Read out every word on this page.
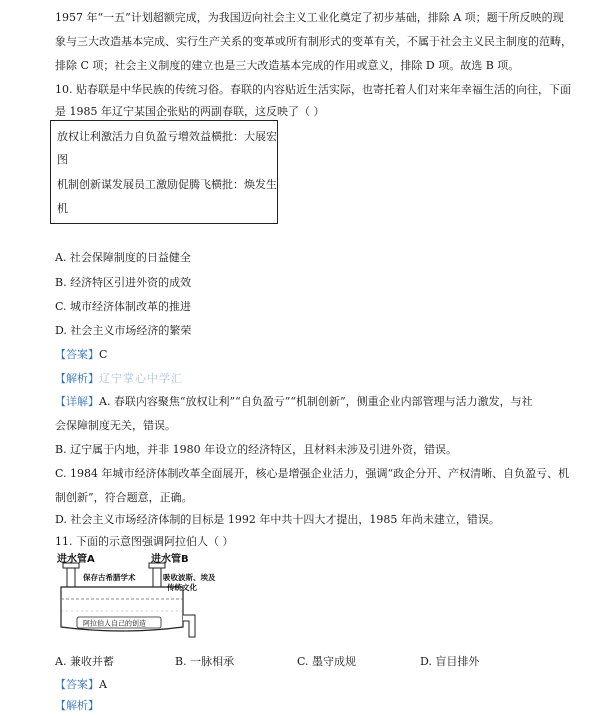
1957 年“一五”计划超额完成，为我国迈向社会主义工业化奠定了初步基础，排除 A 项；题干所反映的现
象与三大改造基本完成、实行生产关系的变革或所有制形式的变革有关，不属于社会主义民主制度的范畴，
排除 C 项；社会主义制度的建立也是三大改造基本完成的作用或意义，排除 D 项。故选 B 项。
10. 贴春联是中华民族的传统习俗。春联的内容贴近生活实际，也寄托着人们对来年幸福生活的向往，下面
是 1985 年辽宁某国企张贴的两副春联，这反映了（ ）
放权让利激活力自负盈亏增效益横批：大展宏
图
机制创新谋发展员工激励促腾飞横批：焕发生
机
A. 社会保障制度的日益健全
B. 经济特区引进外资的成效
C. 城市经济体制改革的推进
D. 社会主义市场经济的繁荣
【答案】C
【解析】辽宁掌心中学汇
【详解】A. 春联内容聚焦“放权让利”“自负盈亏”“机制创新”，侧重企业内部管理与活力激发，与社
会保障制度无关，错误。
B. 辽宁属于内地，并非 1980 年设立的经济特区，且材料未涉及引进外资，错误。
C. 1984 年城市经济体制改革全面展开，核心是增强企业活力，强调“政企分开、产权清晰、自负盈亏、机
制创新”，符合题意，正确。
D. 社会主义市场经济体制的目标是 1992 年中共十四大才提出，1985 年尚未建立，错误。
11. 下面的示意图强调阿拉伯人（ ）
进水管A	进水管B
保存古希腊学术	吸收波斯、埃及
传统文化
阿拉伯人自己的创造
A. 兼收并蓄	B. 一脉相承	C. 墨守成规	D. 盲目排外
【答案】A
【解析】
